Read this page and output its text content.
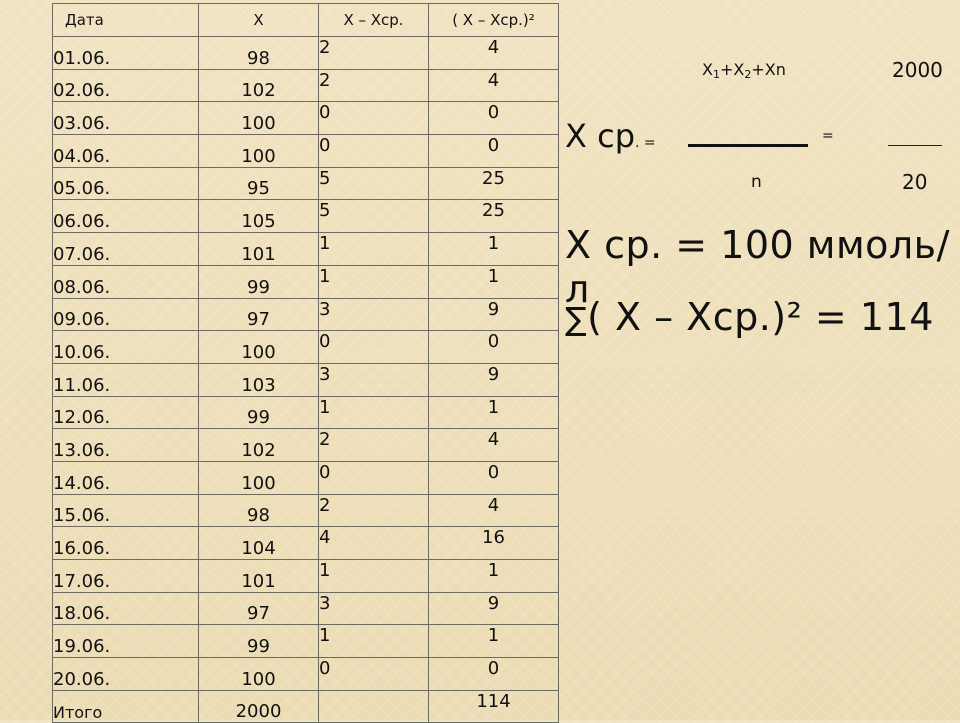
Дата	X	X – Xср.	( X – Xср.)²
01.06.	98	2	4
02.06.	102	2	4
03.06.	100	0	0
04.06.	100	0	0
05.06.	95	5	25
06.06.	105	5	25
07.06.	101	1	1
08.06.	99	1	1
09.06.	97	3	9
10.06.	100	0	0
11.06.	103	3	9
12.06.	99	1	1
13.06.	102	2	4
14.06.	100	0	0
15.06.	98	2	4
16.06.	104	4	16
17.06.	101	1	1
18.06.	97	3	9
19.06.	99	1	1
20.06.	100	0	0
Итого	2000		114
$X_1+X_2+Xn$	2000
X ср. =	=
n	20
X ср. = 100 ммоль/л
∑( X – Xср.)² = 114
